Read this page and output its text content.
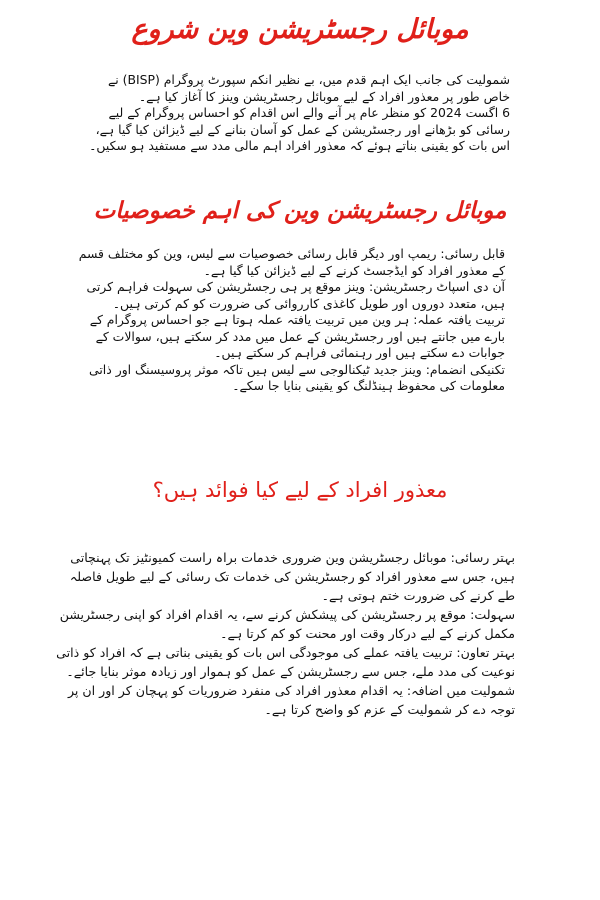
موبائل رجسٹریشن وین شروع

شمولیت کی جانب ایک اہم قدم میں، بے نظیر انکم سپورٹ پروگرام (BISP) نے خاص طور پر معذور افراد کے لیے موبائل رجسٹریشن وینز کا آغاز کیا ہے۔

6 اگست 2024 کو منظر عام پر آنے والے اس اقدام کو احساس پروگرام کے لیے رسائی کو بڑھانے اور رجسٹریشن کے عمل کو آسان بنانے کے لیے ڈیزائن کیا گیا ہے، اس بات کو یقینی بناتے ہوئے کہ معذور افراد اہم مالی مدد سے مستفید ہو سکیں۔

موبائل رجسٹریشن وین کی اہم خصوصیات

قابل رسائی: ریمپ اور دیگر قابل رسائی خصوصیات سے لیس، وین کو مختلف قسم کے معذور افراد کو ایڈجسٹ کرنے کے لیے ڈیزائن کیا گیا ہے۔

آن دی اسپاٹ رجسٹریشن: وینز موقع پر ہی رجسٹریشن کی سہولت فراہم کرتی ہیں، متعدد دوروں اور طویل کاغذی کارروائی کی ضرورت کو کم کرتی ہیں۔

تربیت یافتہ عملہ: ہر وین میں تربیت یافتہ عملہ ہوتا ہے جو احساس پروگرام کے بارے میں جانتے ہیں اور رجسٹریشن کے عمل میں مدد کر سکتے ہیں، سوالات کے جوابات دے سکتے ہیں اور رہنمائی فراہم کر سکتے ہیں۔

تکنیکی انضمام: وینز جدید ٹیکنالوجی سے لیس ہیں تاکہ موثر پروسیسنگ اور ذاتی معلومات کی محفوظ ہینڈلنگ کو یقینی بنایا جا سکے۔

معذور افراد کے لیے کیا فوائد ہیں؟

بہتر رسائی: موبائل رجسٹریشن وین ضروری خدمات براہ راست کمیونٹیز تک پہنچاتی ہیں، جس سے معذور افراد کو رجسٹریشن کی خدمات تک رسائی کے لیے طویل فاصلہ طے کرنے کی ضرورت ختم ہوتی ہے۔

سہولت: موقع پر رجسٹریشن کی پیشکش کرنے سے، یہ اقدام افراد کو اپنی رجسٹریشن مکمل کرنے کے لیے درکار وقت اور محنت کو کم کرتا ہے۔

بہتر تعاون: تربیت یافتہ عملے کی موجودگی اس بات کو یقینی بناتی ہے کہ افراد کو ذاتی نوعیت کی مدد ملے، جس سے رجسٹریشن کے عمل کو ہموار اور زیادہ موثر بنایا جائے۔

شمولیت میں اضافہ: یہ اقدام معذور افراد کی منفرد ضروریات کو پہچان کر اور ان پر توجہ دے کر شمولیت کے عزم کو واضح کرتا ہے۔
